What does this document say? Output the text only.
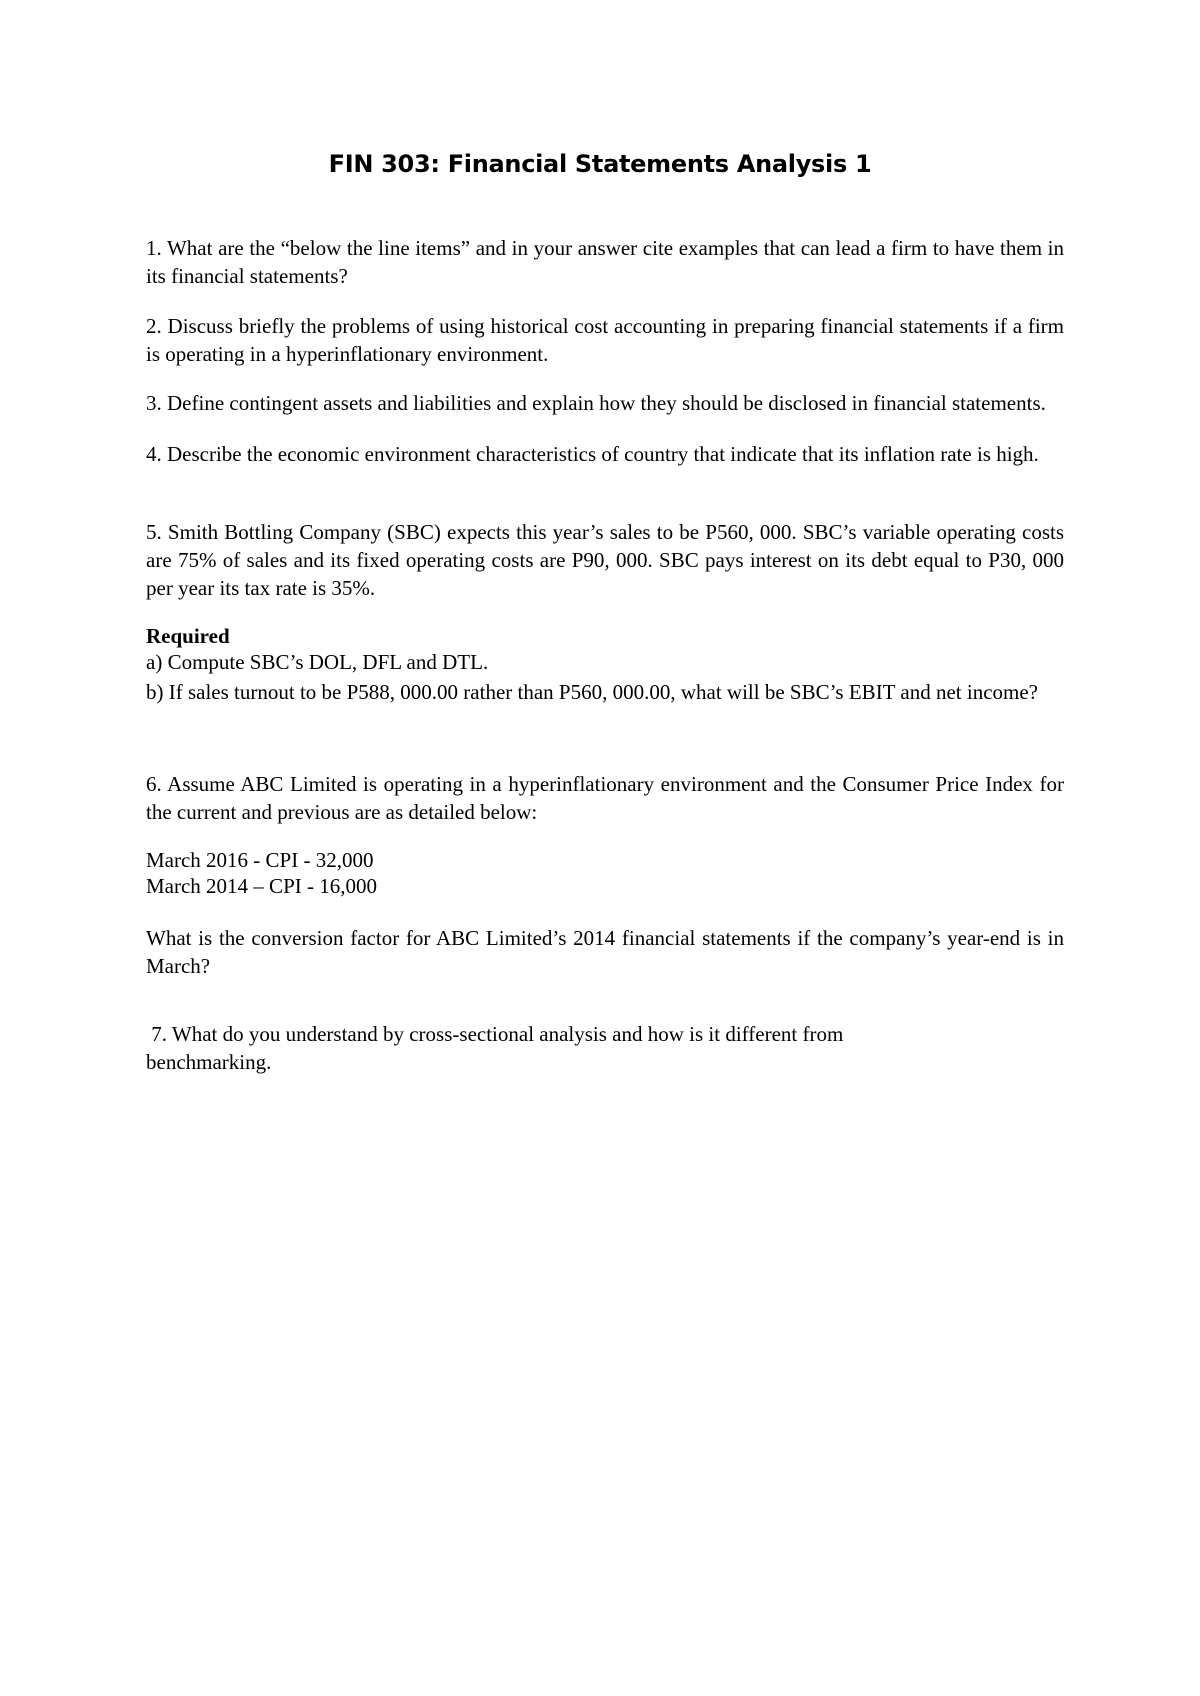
FIN 303: Financial Statements Analysis 1

1. What are the “below the line items” and in your answer cite examples that can lead a firm to have them in its financial statements?

2. Discuss briefly the problems of using historical cost accounting in preparing financial statements if a firm is operating in a hyperinflationary environment.

3. Define contingent assets and liabilities and explain how they should be disclosed in financial statements.

4. Describe the economic environment characteristics of country that indicate that its inflation rate is high.

5. Smith Bottling Company (SBC) expects this year’s sales to be P560, 000. SBC’s variable operating costs are 75% of sales and its fixed operating costs are P90, 000. SBC pays interest on its debt equal to P30, 000 per year its tax rate is 35%.

Required

a) Compute SBC’s DOL, DFL and DTL.

b) If sales turnout to be P588, 000.00 rather than P560, 000.00, what will be SBC’s EBIT and net income?

6. Assume ABC Limited is operating in a hyperinflationary environment and the Consumer Price Index for the current and previous are as detailed below:

March 2016 - CPI - 32,000

March 2014 – CPI - 16,000

What is the conversion factor for ABC Limited’s 2014 financial statements if the company’s year-end is in March?

7. What do you understand by cross-sectional analysis and how is it different from
benchmarking.
